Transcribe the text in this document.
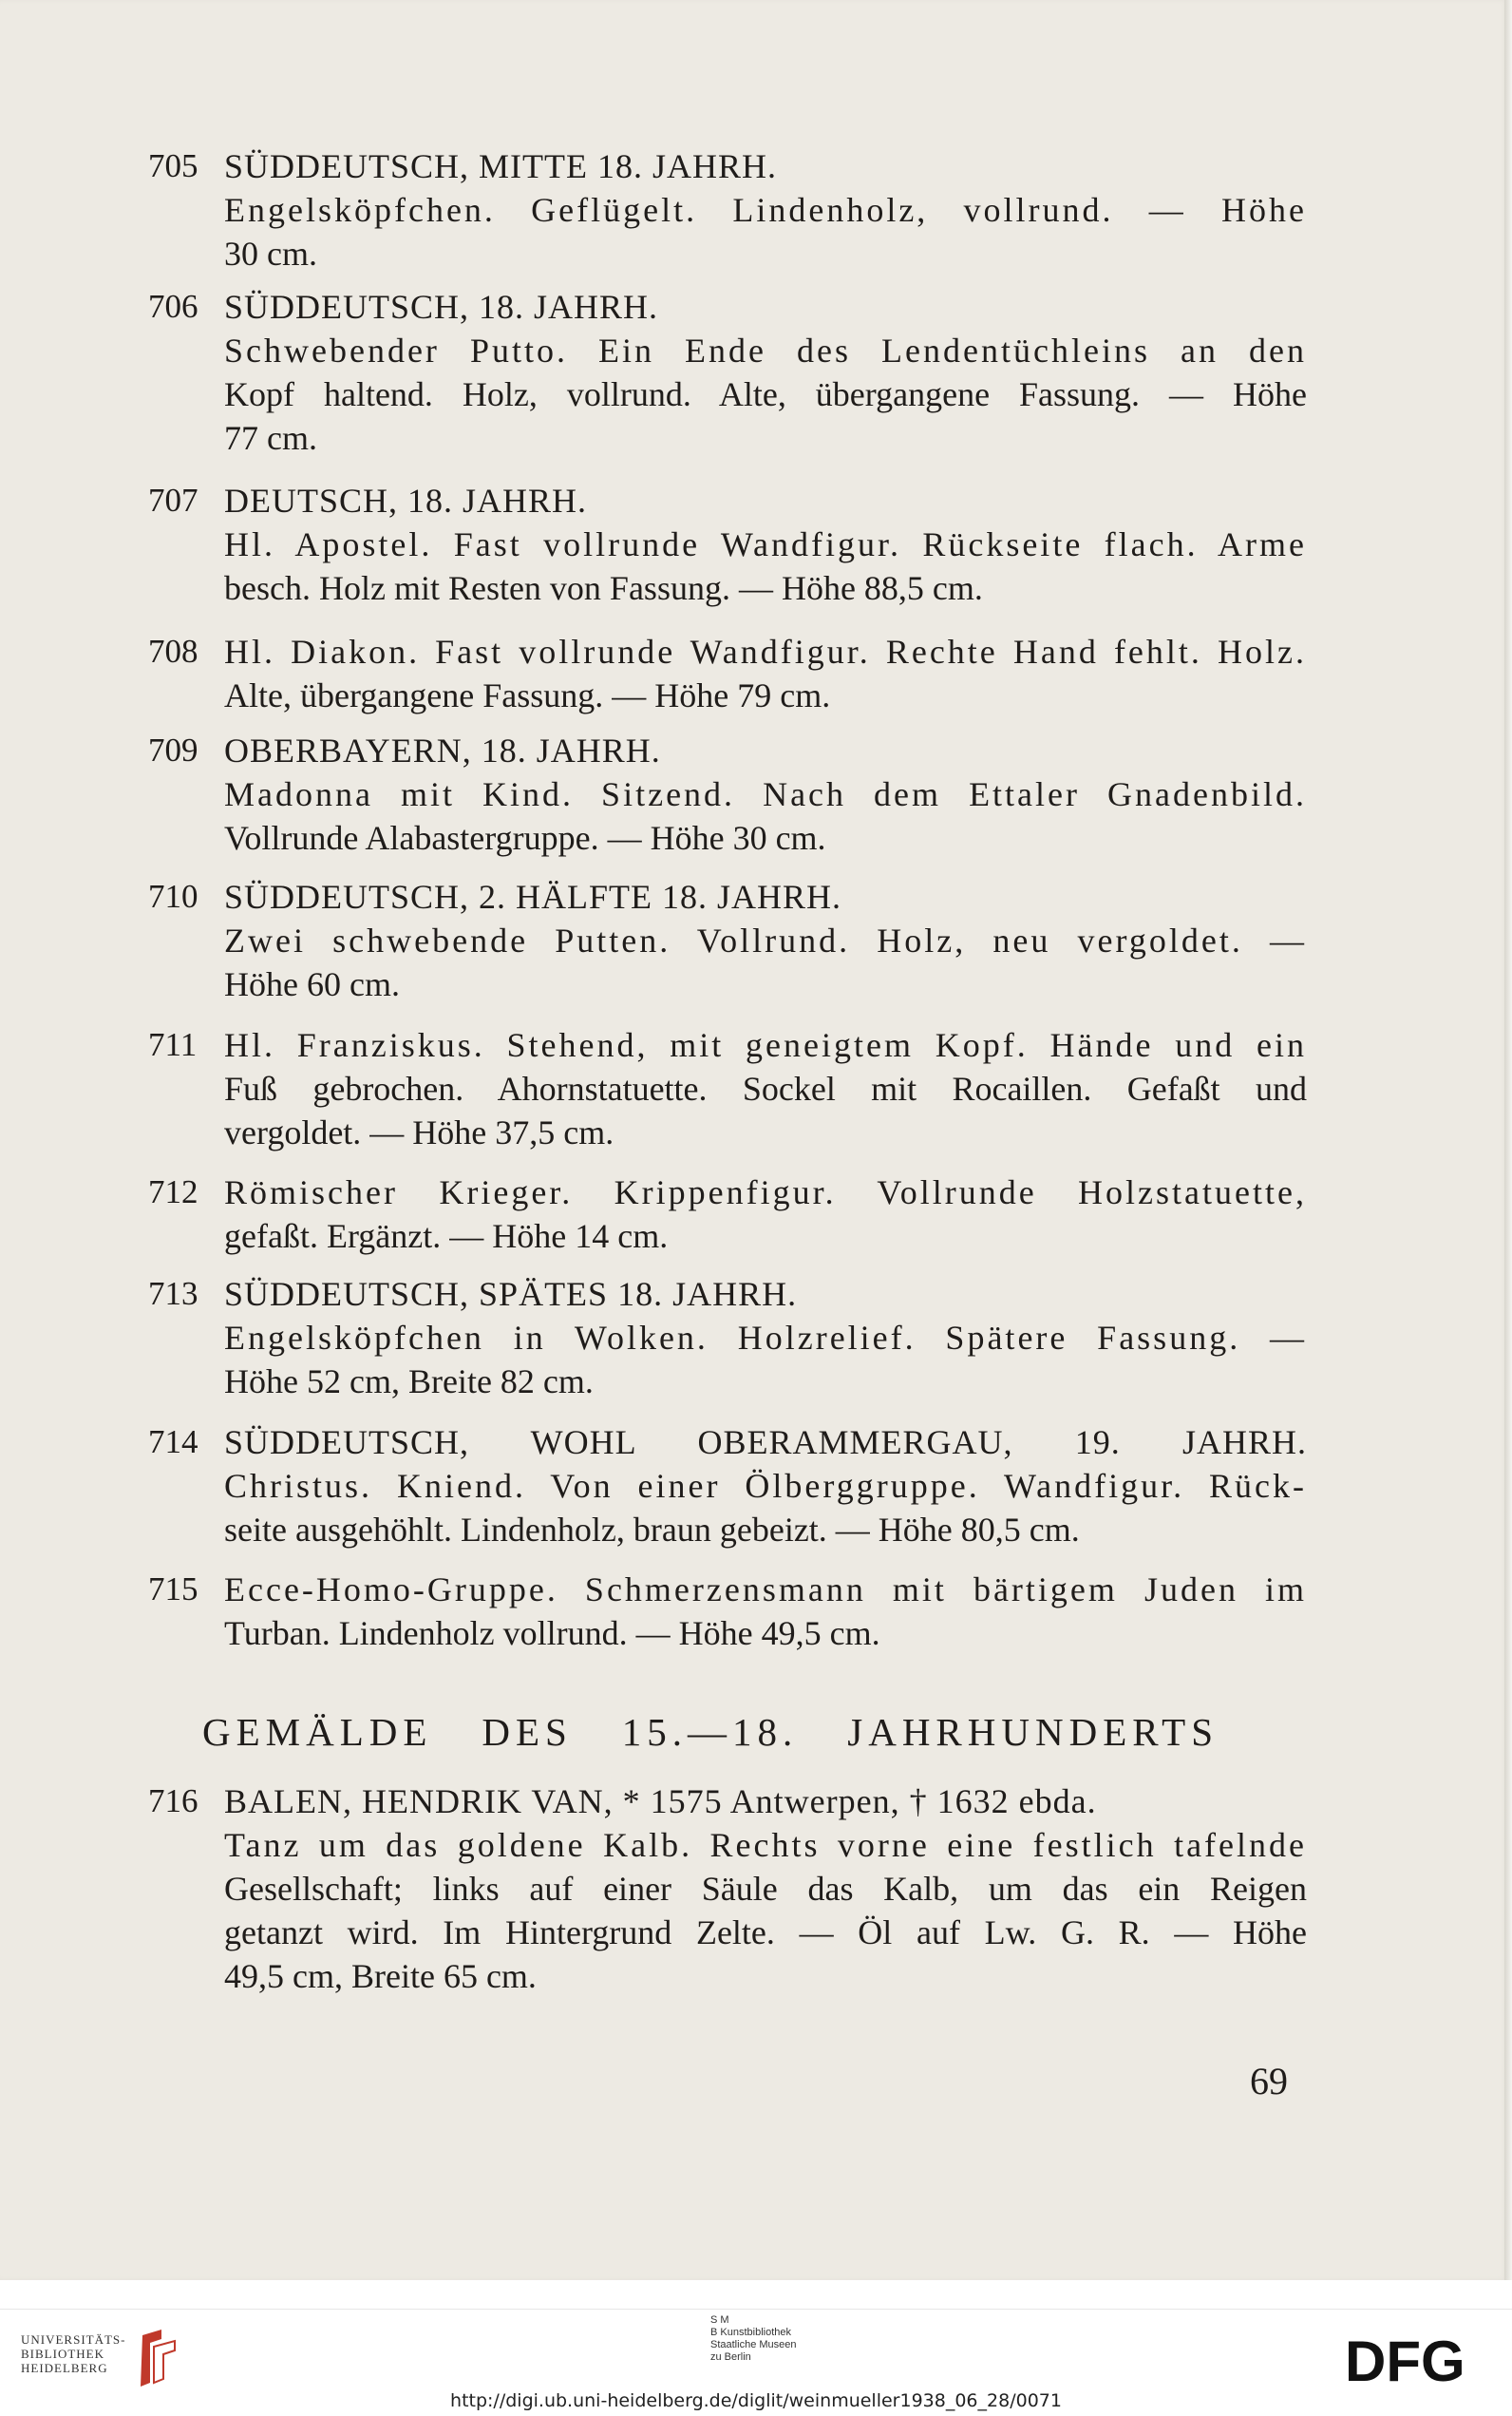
705 SÜDDEUTSCH, MITTE 18. JAHRH.
Engelsköpfchen. Geflügelt. Lindenholz, vollrund. — Höhe
30 cm.
706 SÜDDEUTSCH, 18. JAHRH.
Schwebender Putto. Ein Ende des Lendentüchleins an den
Kopf haltend. Holz, vollrund. Alte, übergangene Fassung. — Höhe
77 cm.
707 DEUTSCH, 18. JAHRH.
Hl. Apostel. Fast vollrunde Wandfigur. Rückseite flach. Arme
besch. Holz mit Resten von Fassung. — Höhe 88,5 cm.
708 Hl. Diakon. Fast vollrunde Wandfigur. Rechte Hand fehlt. Holz.
Alte, übergangene Fassung. — Höhe 79 cm.
709 OBERBAYERN, 18. JAHRH.
Madonna mit Kind. Sitzend. Nach dem Ettaler Gnadenbild.
Vollrunde Alabastergruppe. — Höhe 30 cm.
710 SÜDDEUTSCH, 2. HÄLFTE 18. JAHRH.
Zwei schwebende Putten. Vollrund. Holz, neu vergoldet. —
Höhe 60 cm.
711 Hl. Franziskus. Stehend, mit geneigtem Kopf. Hände und ein
Fuß gebrochen. Ahornstatuette. Sockel mit Rocaillen. Gefaßt und
vergoldet. — Höhe 37,5 cm.
712 Römischer Krieger. Krippenfigur. Vollrunde Holzstatuette,
gefaßt. Ergänzt. — Höhe 14 cm.
713 SÜDDEUTSCH, SPÄTES 18. JAHRH.
Engelsköpfchen in Wolken. Holzrelief. Spätere Fassung. —
Höhe 52 cm, Breite 82 cm.
714 SÜDDEUTSCH, WOHL OBERAMMERGAU, 19. JAHRH.
Christus. Kniend. Von einer Ölberggruppe. Wandfigur. Rück-
seite ausgehöhlt. Lindenholz, braun gebeizt. — Höhe 80,5 cm.
715 Ecce-Homo-Gruppe. Schmerzensmann mit bärtigem Juden im
Turban. Lindenholz vollrund. — Höhe 49,5 cm.
716 BALEN, HENDRIK VAN, * 1575 Antwerpen, † 1632 ebda.
Tanz um das goldene Kalb. Rechts vorne eine festlich tafelnde
Gesellschaft; links auf einer Säule das Kalb, um das ein Reigen
getanzt wird. Im Hintergrund Zelte. — Öl auf Lw. G. R. — Höhe
49,5 cm, Breite 65 cm.
GEMÄLDE DES 15.—18. JAHRHUNDERTS
69
UNIVERSITÄTS-
BIBLIOTHEK
HEIDELBERG
S M
B Kunstbibliothek
Staatliche Museen
zu Berlin	DFG
http://digi.ub.uni-heidelberg.de/diglit/weinmueller1938_06_28/0071
